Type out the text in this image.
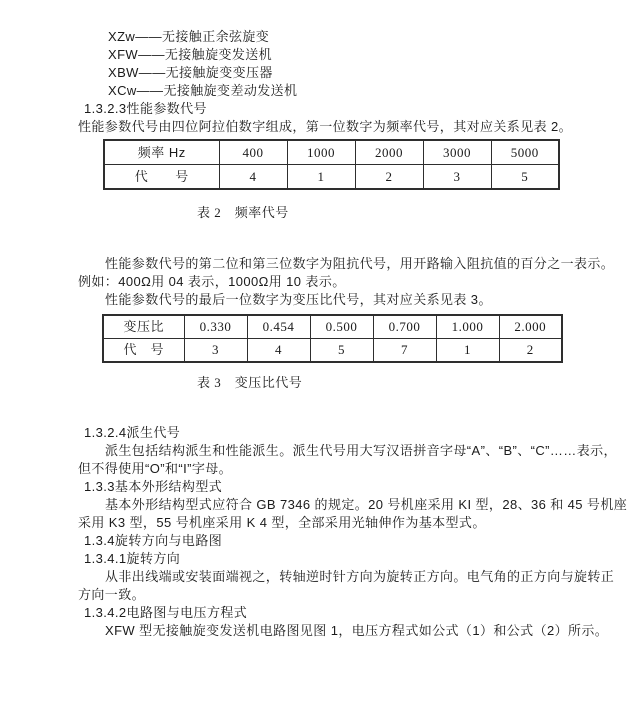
XZw——无接触正余弦旋变
XFW——无接触旋变发送机
XBW——无接触旋变变压器
XCw——无接触旋变差动发送机
1.3.2.3性能参数代号
性能参数代号由四位阿拉伯数字组成，第一位数字为频率代号，其对应关系见表 2。
频率 Hz	400	1000	2000	3000	5000
代　　号	4	1	2	3	5
表 2　频率代号
性能参数代号的第二位和第三位数字为阻抗代号，用开路输入阻抗值的百分之一表示。
例如：400Ω用 04 表示，1000Ω用 10 表示。
性能参数代号的最后一位数字为变压比代号，其对应关系见表 3。
变压比	0.330	0.454	0.500	0.700	1.000	2.000
代　号	3	4	5	7	1	2
表 3　变压比代号
1.3.2.4派生代号
派生包括结构派生和性能派生。派生代号用大写汉语拼音字母“A”、“B”、“C”……表示，
但不得使用“O”和“I”字母。
1.3.3基本外形结构型式
基本外形结构型式应符合 GB 7346 的规定。20 号机座采用 KI 型，28、36 和 45 号机座
采用 K3 型，55 号机座采用 K 4 型，全部采用光轴伸作为基本型式。
1.3.4旋转方向与电路图
1.3.4.1旋转方向
从非出线端或安装面端视之，转轴逆时针方向为旋转正方向。电气角的正方向与旋转正
方向一致。
1.3.4.2电路图与电压方程式
XFW 型无接触旋变发送机电路图见图 1，电压方程式如公式（1）和公式（2）所示。
